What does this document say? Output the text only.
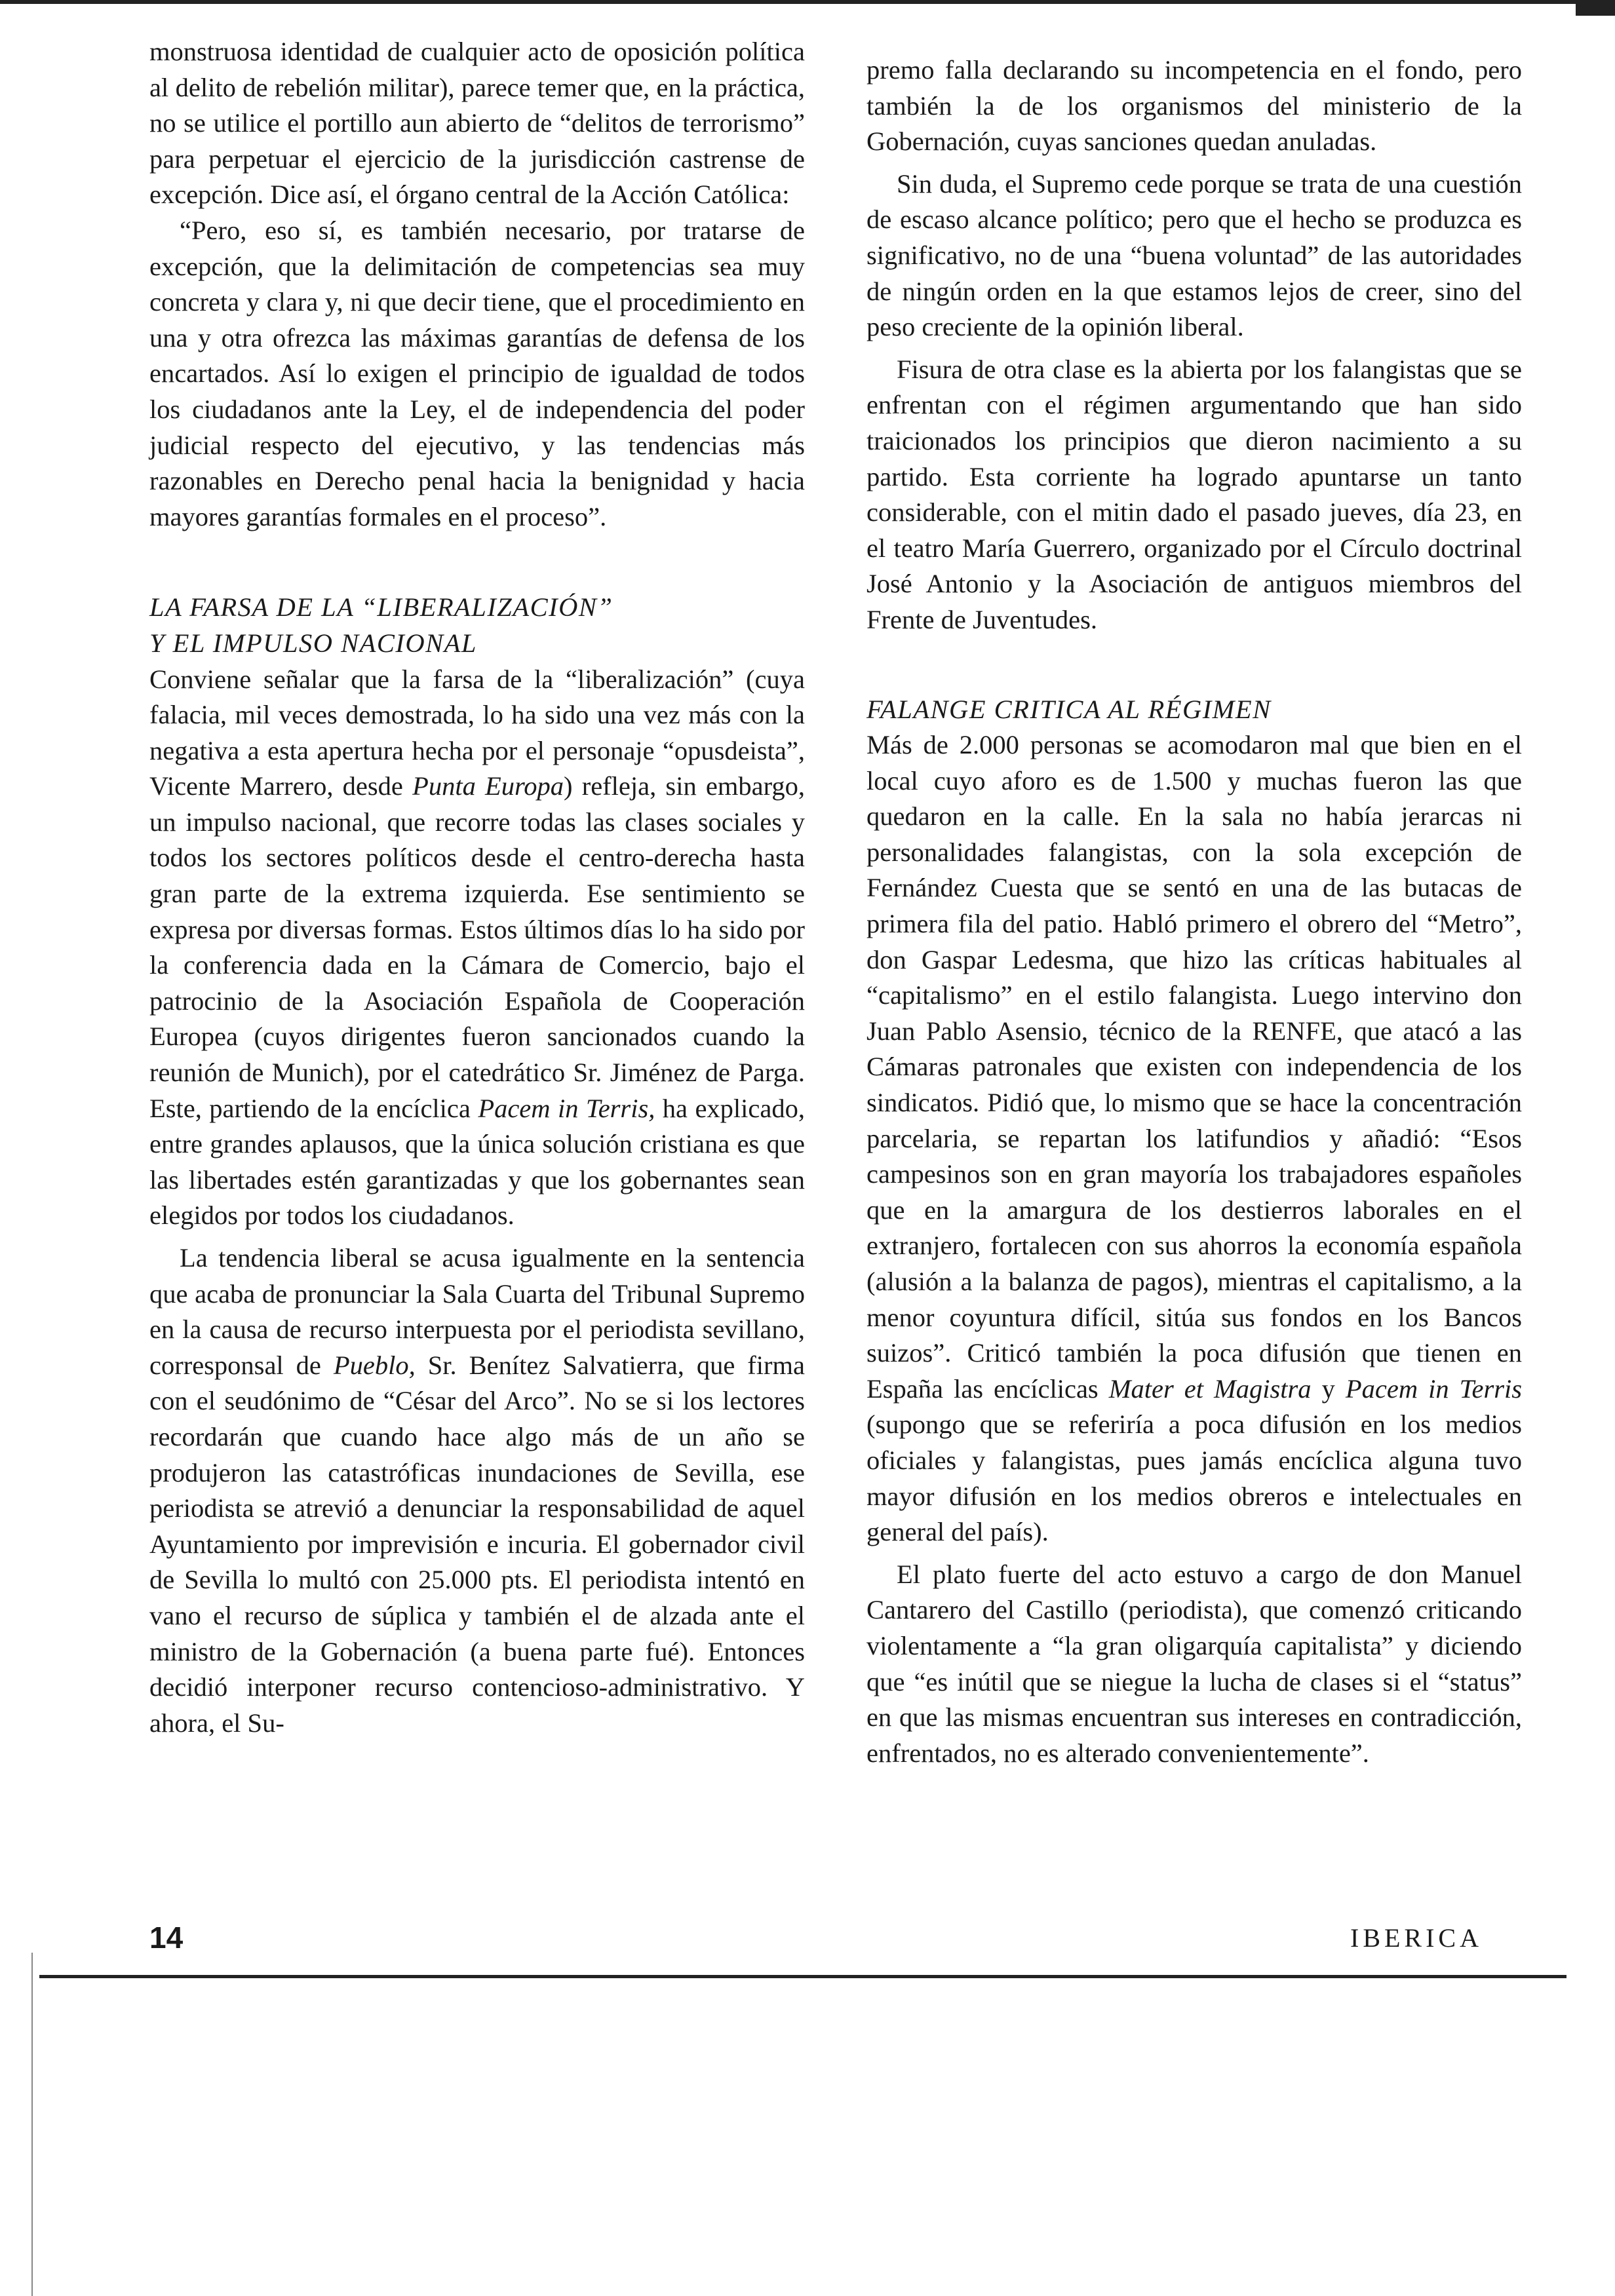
monstruosa identidad de cualquier acto de oposición política al delito de rebelión militar), parece temer que, en la práctica, no se utilice el portillo aun abierto de “delitos de terrorismo” para perpetuar el ejercicio de la jurisdicción castrense de excepción. Dice así, el órgano central de la Acción Católica:

“Pero, eso sí, es también necesario, por tratarse de excepción, que la delimitación de competencias sea muy concreta y clara y, ni que decir tiene, que el procedimiento en una y otra ofrezca las máximas garantías de defensa de los encartados. Así lo exigen el principio de igualdad de todos los ciudadanos ante la Ley, el de independencia del poder judicial respecto del ejecutivo, y las tendencias más razonables en Derecho penal hacia la benignidad y hacia mayores garantías formales en el proceso”.

LA FARSA DE LA “LIBERALIZACIÓN”
Y EL IMPULSO NACIONAL

Conviene señalar que la farsa de la “liberalización” (cuya falacia, mil veces demostrada, lo ha sido una vez más con la negativa a esta apertura hecha por el personaje “opusdeista”, Vicente Marrero, desde Punta Europa) refleja, sin embargo, un impulso nacional, que recorre todas las clases sociales y todos los sectores políticos desde el centro-derecha hasta gran parte de la extrema izquierda. Ese sentimiento se expresa por diversas formas. Estos últimos días lo ha sido por la conferencia dada en la Cámara de Comercio, bajo el patrocinio de la Asociación Española de Cooperación Europea (cuyos dirigentes fueron sancionados cuando la reunión de Munich), por el catedrático Sr. Jiménez de Parga. Este, partiendo de la encíclica Pacem in Terris, ha explicado, entre grandes aplausos, que la única solución cristiana es que las libertades estén garantizadas y que los gobernantes sean elegidos por todos los ciudadanos.

La tendencia liberal se acusa igualmente en la sentencia que acaba de pronunciar la Sala Cuarta del Tribunal Supremo en la causa de recurso interpuesta por el periodista sevillano, corresponsal de Pueblo, Sr. Benítez Salvatierra, que firma con el seudónimo de “César del Arco”. No se si los lectores recordarán que cuando hace algo más de un año se produjeron las catastróficas inundaciones de Sevilla, ese periodista se atrevió a denunciar la responsabilidad de aquel Ayuntamiento por imprevisión e incuria. El gobernador civil de Sevilla lo multó con 25.000 pts. El periodista intentó en vano el recurso de súplica y también el de alzada ante el ministro de la Gobernación (a buena parte fué). Entonces decidió interponer recurso contencioso-administrativo. Y ahora, el Su-

premo falla declarando su incompetencia en el fondo, pero también la de los organismos del ministerio de la Gobernación, cuyas sanciones quedan anuladas.

Sin duda, el Supremo cede porque se trata de una cuestión de escaso alcance político; pero que el hecho se produzca es significativo, no de una “buena voluntad” de las autoridades de ningún orden en la que estamos lejos de creer, sino del peso creciente de la opinión liberal.

Fisura de otra clase es la abierta por los falangistas que se enfrentan con el régimen argumentando que han sido traicionados los principios que dieron nacimiento a su partido. Esta corriente ha logrado apuntarse un tanto considerable, con el mitin dado el pasado jueves, día 23, en el teatro María Guerrero, organizado por el Círculo doctrinal José Antonio y la Asociación de antiguos miembros del Frente de Juventudes.

FALANGE CRITICA AL RÉGIMEN

Más de 2.000 personas se acomodaron mal que bien en el local cuyo aforo es de 1.500 y muchas fueron las que quedaron en la calle. En la sala no había jerarcas ni personalidades falangistas, con la sola excepción de Fernández Cuesta que se sentó en una de las butacas de primera fila del patio. Habló primero el obrero del “Metro”, don Gaspar Ledesma, que hizo las críticas habituales al “capitalismo” en el estilo falangista. Luego intervino don Juan Pablo Asensio, técnico de la RENFE, que atacó a las Cámaras patronales que existen con independencia de los sindicatos. Pidió que, lo mismo que se hace la concentración parcelaria, se repartan los latifundios y añadió: “Esos campesinos son en gran mayoría los trabajadores españoles que en la amargura de los destierros laborales en el extranjero, fortalecen con sus ahorros la economía española (alusión a la balanza de pagos), mientras el capitalismo, a la menor coyuntura difícil, sitúa sus fondos en los Bancos suizos”. Criticó también la poca difusión que tienen en España las encíclicas Mater et Magistra y Pacem in Terris (supongo que se referiría a poca difusión en los medios oficiales y falangistas, pues jamás encíclica alguna tuvo mayor difusión en los medios obreros e intelectuales en general del país).

El plato fuerte del acto estuvo a cargo de don Manuel Cantarero del Castillo (periodista), que comenzó criticando violentamente a “la gran oligarquía capitalista” y diciendo que “es inútil que se niegue la lucha de clases si el “status” en que las mismas encuentran sus intereses en contradicción, enfrentados, no es alterado convenientemente”.

14	IBERICA
